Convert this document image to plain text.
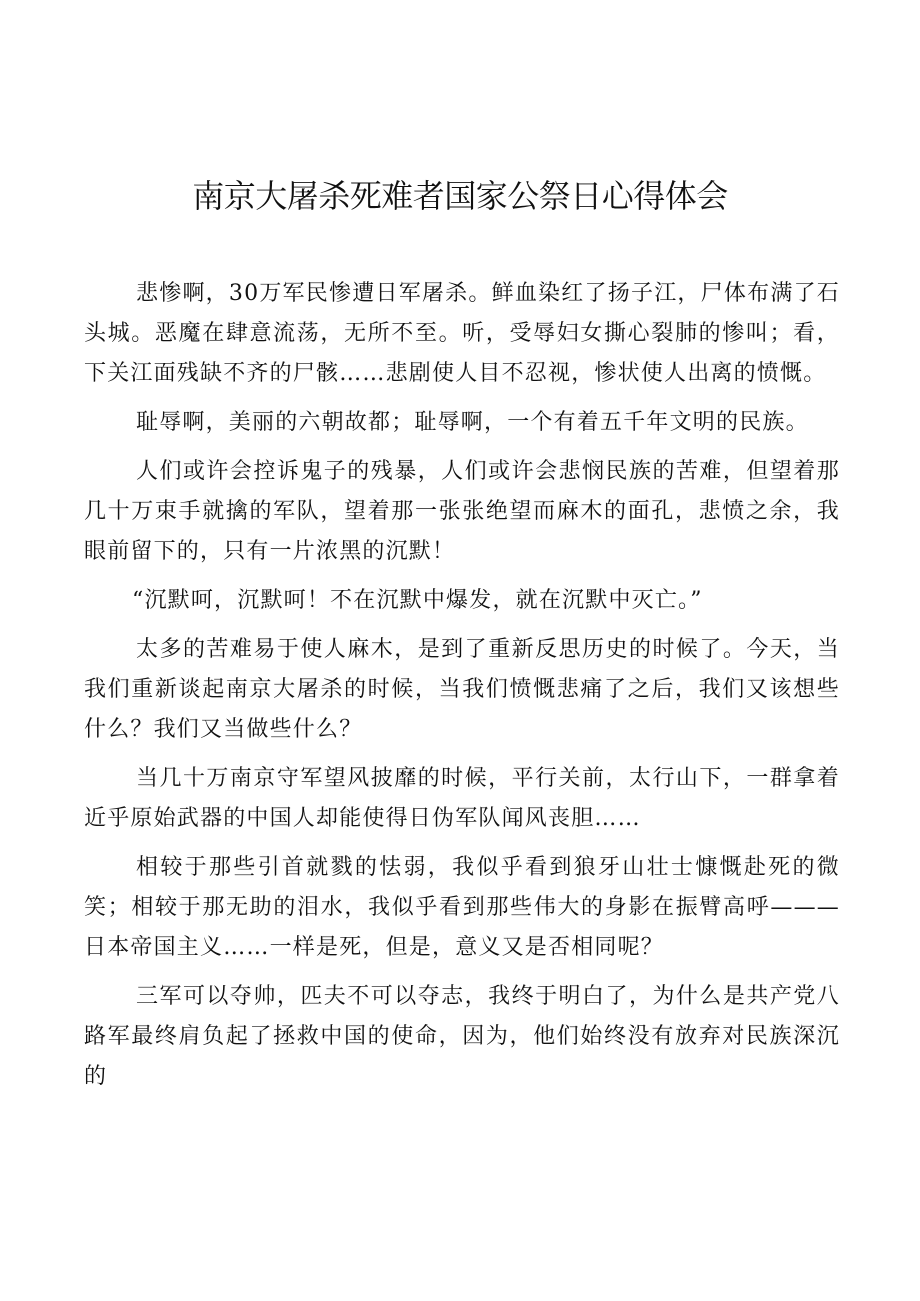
南京大屠杀死难者国家公祭日心得体会

悲惨啊，30万军民惨遭日军屠杀。鲜血染红了扬子江，尸体布满了石头城。恶魔在肆意流荡，无所不至。听，受辱妇女撕心裂肺的惨叫；看，下关江面残缺不齐的尸骸……悲剧使人目不忍视，惨状使人出离的愤慨。

耻辱啊，美丽的六朝故都；耻辱啊，一个有着五千年文明的民族。

人们或许会控诉鬼子的残暴，人们或许会悲悯民族的苦难，但望着那几十万束手就擒的军队，望着那一张张绝望而麻木的面孔，悲愤之余，我眼前留下的，只有一片浓黑的沉默！

“沉默呵，沉默呵！不在沉默中爆发，就在沉默中灭亡。”

太多的苦难易于使人麻木，是到了重新反思历史的时候了。今天，当我们重新谈起南京大屠杀的时候，当我们愤慨悲痛了之后，我们又该想些什么？我们又当做些什么？

当几十万南京守军望风披靡的时候，平行关前，太行山下，一群拿着近乎原始武器的中国人却能使得日伪军队闻风丧胆……

相较于那些引首就戮的怯弱，我似乎看到狼牙山壮士慷慨赴死的微笑；相较于那无助的泪水，我似乎看到那些伟大的身影在振臂高呼———日本帝国主义……一样是死，但是，意义又是否相同呢？

三军可以夺帅，匹夫不可以夺志，我终于明白了，为什么是共产党八路军最终肩负起了拯救中国的使命，因为，他们始终没有放弃对民族深沉的
